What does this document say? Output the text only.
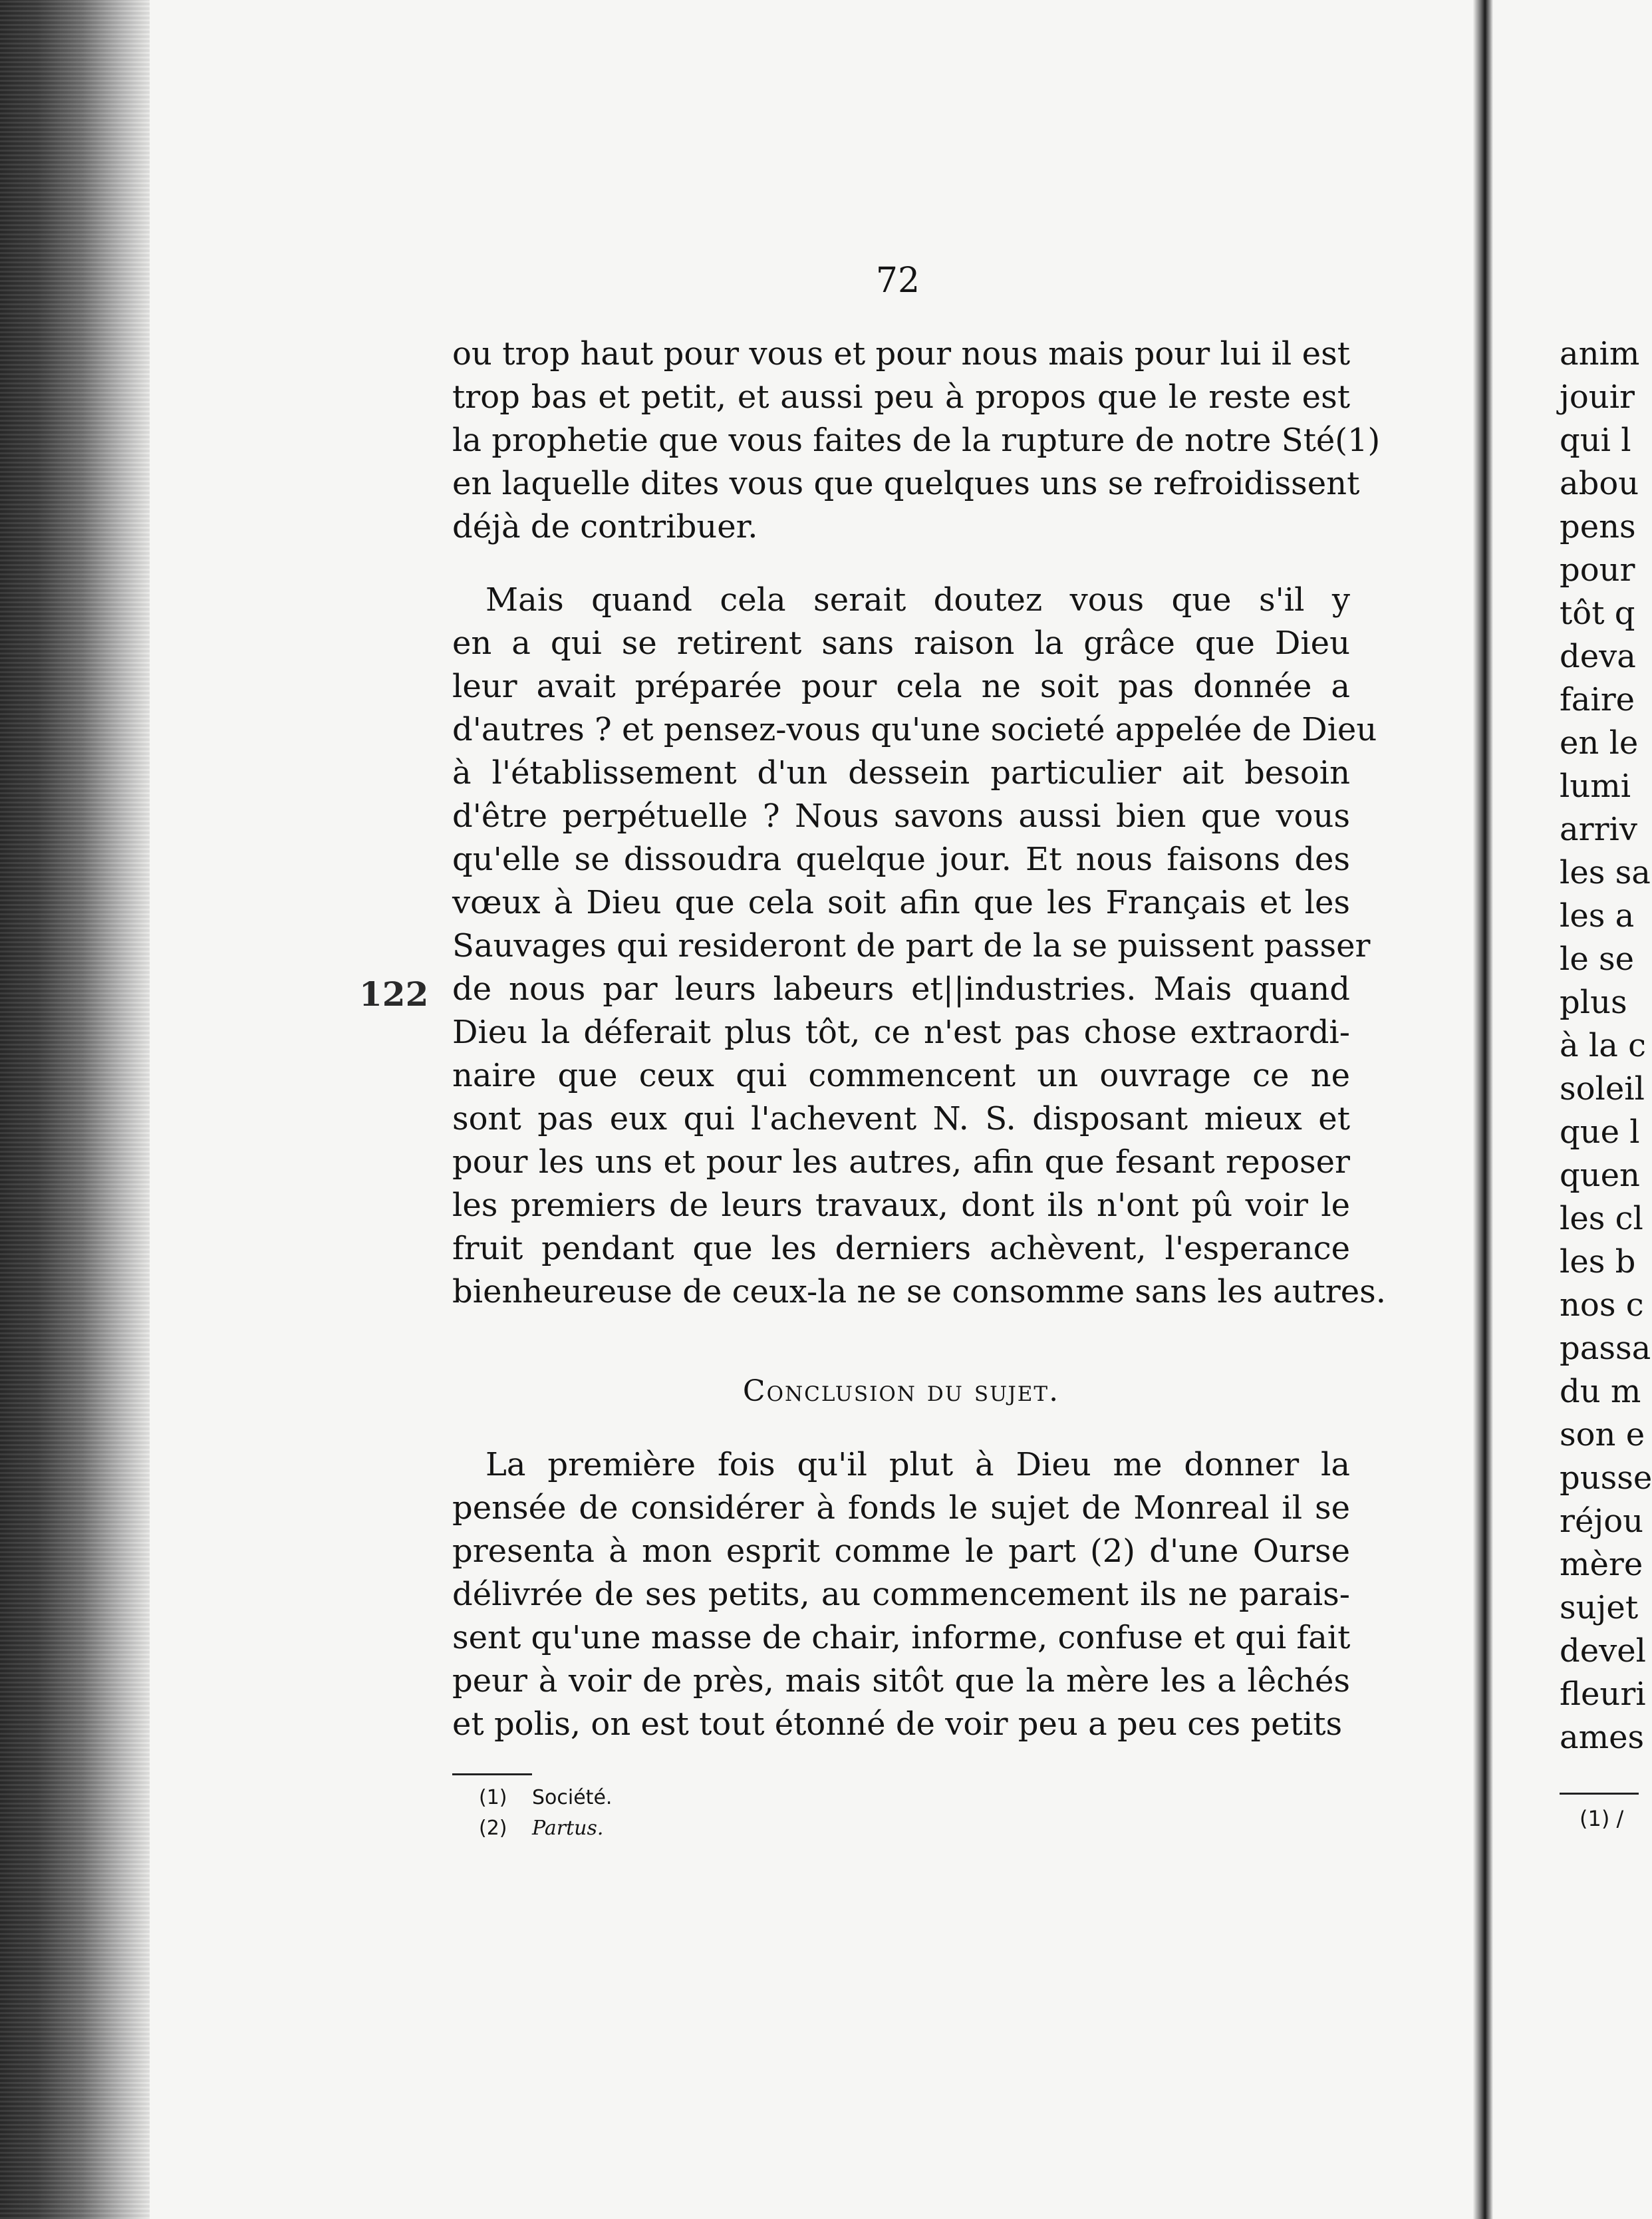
72
122
ou trop haut pour vous et pour nous mais pour lui il est
trop bas et petit, et aussi peu à propos que le reste est
la prophetie que vous faites de la rupture de notre Sté(1)
en laquelle dites vous que quelques uns se refroidissent
déjà de contribuer.
Mais quand cela serait doutez vous que s'il y
en a qui se retirent sans raison la grâce que Dieu
leur avait préparée pour cela ne soit pas donnée a
d'autres ? et pensez-vous qu'une societé appelée de Dieu
à l'établissement d'un dessein particulier ait besoin
d'être perpétuelle ? Nous savons aussi bien que vous
qu'elle se dissoudra quelque jour. Et nous faisons des
vœux à Dieu que cela soit afin que les Français et les
Sauvages qui resideront de part de la se puissent passer
de nous par leurs labeurs et||industries. Mais quand
Dieu la déferait plus tôt, ce n'est pas chose extraordi-
naire que ceux qui commencent un ouvrage ce ne
sont pas eux qui l'achevent N. S. disposant mieux et
pour les uns et pour les autres, afin que fesant reposer
les premiers de leurs travaux, dont ils n'ont pû voir le
fruit pendant que les derniers achèvent, l'esperance
bienheureuse de ceux-la ne se consomme sans les autres.
Conclusion du sujet.
La première fois qu'il plut à Dieu me donner la
pensée de considérer à fonds le sujet de Monreal il se
presenta à mon esprit comme le part (2) d'une Ourse
délivrée de ses petits, au commencement ils ne parais-
sent qu'une masse de chair, informe, confuse et qui fait
peur à voir de près, mais sitôt que la mère les a lêchés
et polis, on est tout étonné de voir peu a peu ces petits
(1) Société.
(2) Partus.
anim
jouir
qui l
abou
pens
pour
tôt q
deva
faire
en le
lumi
arriv
les sa
les a
le se
plus
à la c
soleil
que l
quen
les cl
les b
nos c
passa
du m
son e
pusse
réjou
mère
sujet
devel
fleuri
ames
(1) /
